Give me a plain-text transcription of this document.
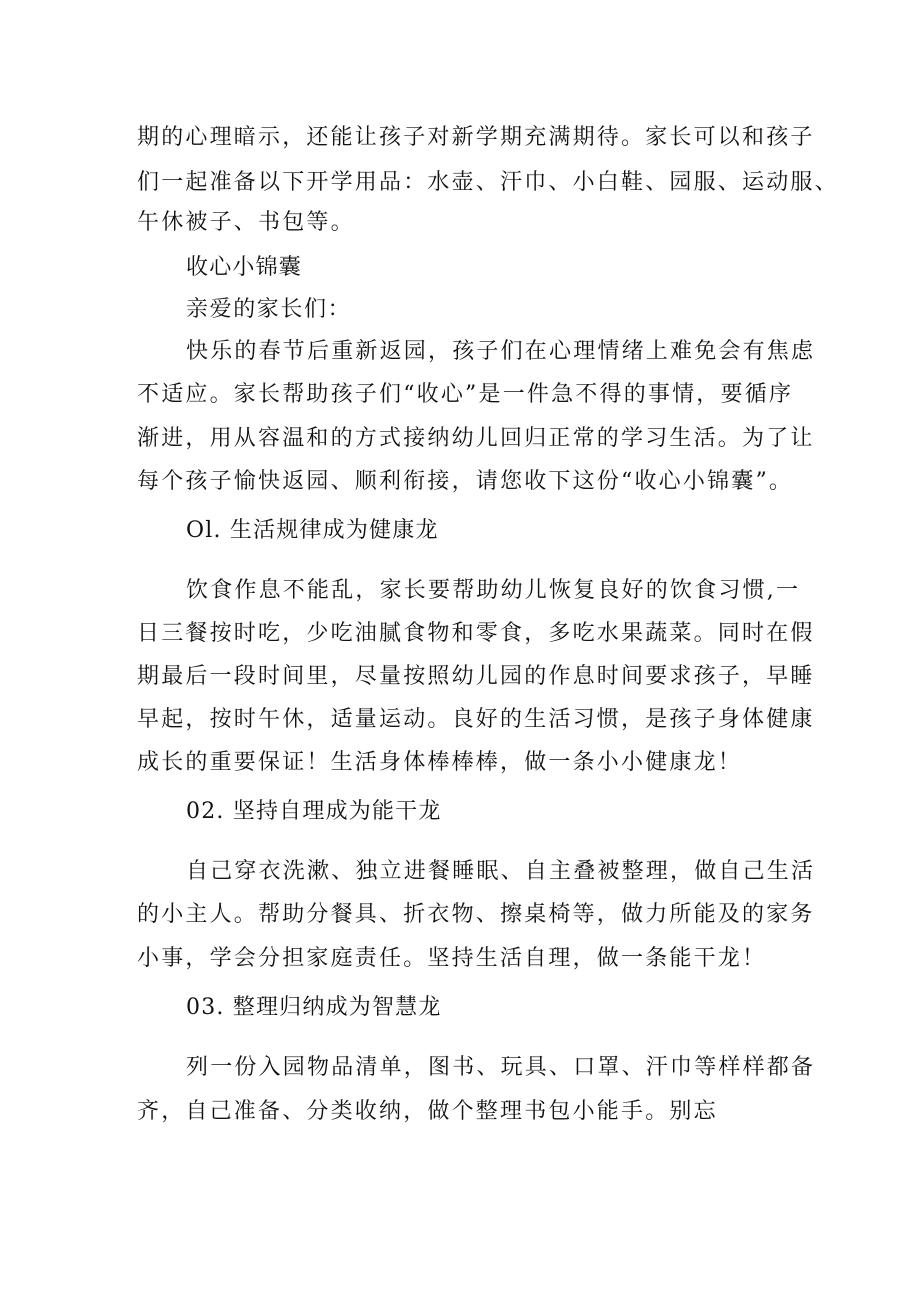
期的心理暗示，还能让孩子对新学期充满期待。家长可以和孩子
们一起准备以下开学用品：水壶、汗巾、小白鞋、园服、运动服、
午休被子、书包等。
收心小锦囊
亲爱的家长们：
快乐的春节后重新返园，孩子们在心理情绪上难免会有焦虑
不适应。家长帮助孩子们“收心”是一件急不得的事情，要循序
渐进，用从容温和的方式接纳幼儿回归正常的学习生活。为了让
每个孩子愉快返园、顺利衔接，请您收下这份“收心小锦囊”。
Ol. 生活规律成为健康龙
饮食作息不能乱，家长要帮助幼儿恢复良好的饮食习惯,一
日三餐按时吃，少吃油腻食物和零食，多吃水果蔬菜。同时在假
期最后一段时间里，尽量按照幼儿园的作息时间要求孩子，早睡
早起，按时午休，适量运动。良好的生活习惯，是孩子身体健康
成长的重要保证！生活身体棒棒棒，做一条小小健康龙！
02. 坚持自理成为能干龙
自己穿衣洗漱、独立进餐睡眠、自主叠被整理，做自己生活
的小主人。帮助分餐具、折衣物、擦桌椅等，做力所能及的家务
小事，学会分担家庭责任。坚持生活自理，做一条能干龙！
03. 整理归纳成为智慧龙
列一份入园物品清单，图书、玩具、口罩、汗巾等样样都备
齐，自己准备、分类收纳，做个整理书包小能手。别忘
